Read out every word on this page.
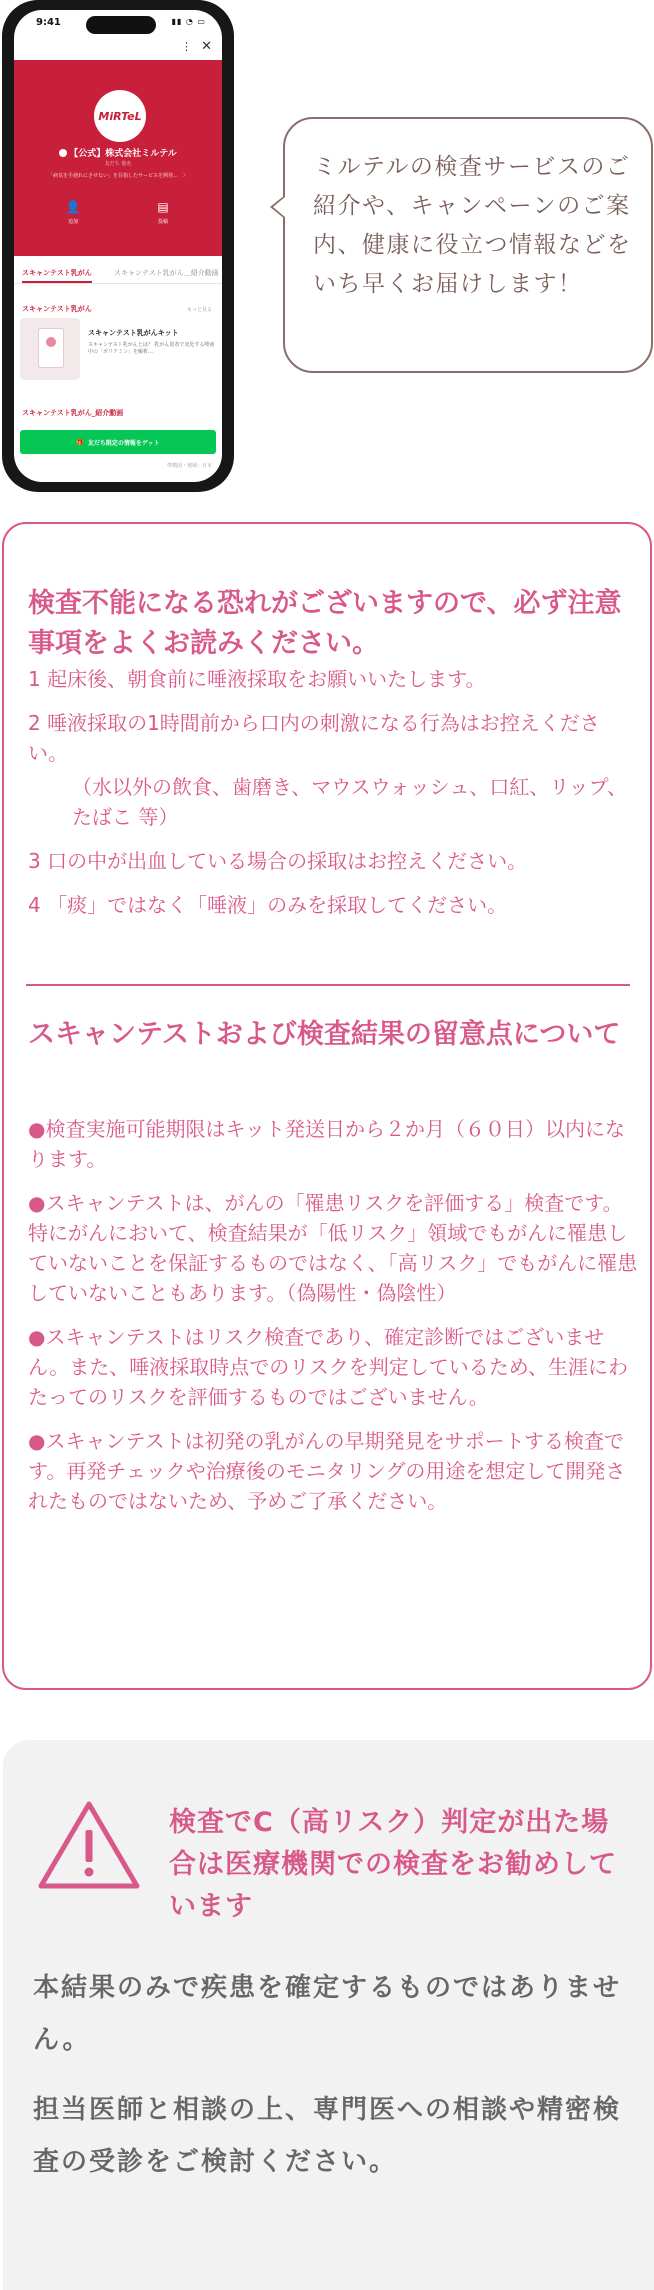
9:41	▮▮ ◔ ▭
⋮ ✕
MiRTeL
【公式】株式会社ミルテル
友だち 他名
「病気を手遅れにさせない」を目指したサービスを開発…　〉
👤
追加
▤
投稿
スキャンテスト乳がん	スキャンテスト乳がん＿紹介動画
スキャンテスト乳がん	もっと見る
スキャンテスト乳がんキット
スキャンテスト乳がんとは？ 乳がん患者で変化する唾液中の「ポリアミン」を解析…
スキャンテスト乳がん_紹介動画
🎁 友だち限定の情報をゲット
準拠国・地域：日本
ミルテルの検査サービスのご紹介や、キャンペーンのご案内、健康に役立つ情報などをいち早くお届けします！
検査不能になる恐れがございますので、必ず注意事項をよくお読みください。
1 起床後、朝食前に唾液採取をお願いいたします。
2 唾液採取の1時間前から口内の刺激になる行為はお控えください。
（水以外の飲食、歯磨き、マウスウォッシュ、口紅、リップ、たばこ 等）
3 口の中が出血している場合の採取はお控えください。
4 「痰」ではなく「唾液」のみを採取してください。
スキャンテストおよび検査結果の留意点について
●検査実施可能期限はキット発送日から２か月（６０日）以内になります。
●スキャンテストは、がんの「罹患リスクを評価する」検査です。特にがんにおいて、検査結果が「低リスク」領域でもがんに罹患していないことを保証するものではなく、「高リスク」でもがんに罹患していないこともあります。（偽陽性・偽陰性）
●スキャンテストはリスク検査であり、確定診断ではございません。また、唾液採取時点でのリスクを判定しているため、生涯にわたってのリスクを評価するものではございません。
●スキャンテストは初発の乳がんの早期発見をサポートする検査です。再発チェックや治療後のモニタリングの用途を想定して開発されたものではないため、予めご了承ください。
検査でC（高リスク）判定が出た場合は医療機関での検査をお勧めしています

本結果のみで疾患を確定するものではありません。

担当医師と相談の上、専門医への相談や精密検査の受診をご検討ください。
